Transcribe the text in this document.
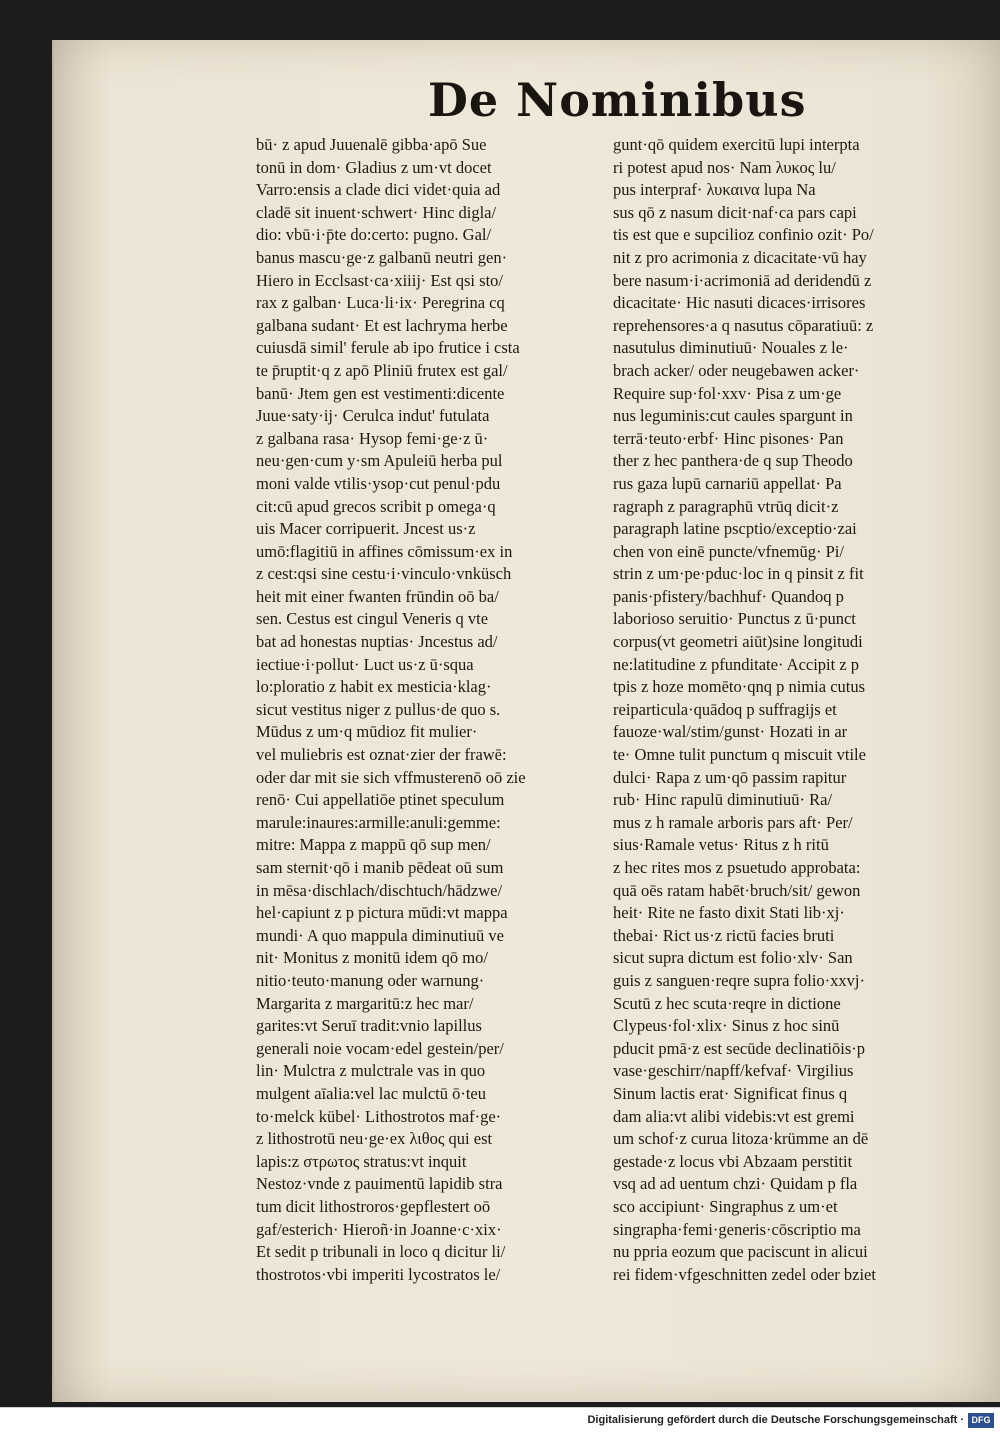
De Nominibus
bū· z apud Juuenalē gibba·apō Sue
tonū in dom· Gladius z um·vt docet
Varro:ensis a clade dici videt·quia ad
cladē sit inuent·schwert· Hinc digla/
dio: vbū·i·p̄te do:certo: pugno. Gal/
banus mascu·ge·z galbanū neutri gen·
Hiero in Ecclsast·ca·xiiij· Est qsi sto/
rax z galban· Luca·li·ix· Peregrina cq
galbana sudant· Et est lachryma herbe
cuiusdā simil' ferule ab ipo frutice i csta
te p̄ruptit·q z apō Pliniū frutex est gal/
banū· Jtem gen est vestimenti:dicente
Juue·saty·ij· Cerulca indut' futulata
z galbana rasa· Hysop femi·ge·z ū·
neu·gen·cum y·sm Apuleiū herba pul
moni valde vtilis·ysop·cut penul·pdu
cit:cū apud grecos scribit p omega·q
uis Macer corripuerit. Jncest us·z
umō:flagitiū in affines cōmissum·ex in
z cest:qsi sine cestu·i·vinculo·vnküsch
heit mit einer fwanten frūndin oō ba/
sen. Cestus est cingul Veneris q vte
bat ad honestas nuptias· Jncestus ad/
iectiue·i·pollut· Luct us·z ū·squa
lo:ploratio z habit ex mesticia·klag·
sicut vestitus niger z pullus·de quo s.
Mūdus z um·q mūdioz fit mulier·
vel muliebris est oznat·zier der frawē:
oder dar mit sie sich vffmusterenō oō zie
renō· Cui appellatiōe ptinet speculum
marule:inaures:armille:anuli:gemme:
mitre: Mappa z mappū qō sup men/
sam sternit·qō i manib pēdeat oū sum
in mēsa·dischlach/dischtuch/hādzwe/
hel·capiunt z p pictura mūdi:vt mappa
mundi· A quo mappula diminutiuū ve
nit· Monitus z monitū idem qō mo/
nitio·teuto·manung oder warnung·
Margarita z margaritū:z hec mar/
garites:vt Seruī tradit:vnio lapillus
generali noie vocam·edel gestein/per/
lin· Mulctra z mulctrale vas in quo
mulgent aīalia:vel lac mulctū ō·teu
to·melck kübel· Lithostrotos maf·ge·
z lithostrotū neu·ge·ex λιθος qui est
lapis:z στρωτος stratus:vt inquit
Nestoz·vnde z pauimentū lapidib stra
tum dicit lithostroros·gepflestert oō
gaf/esterich· Hieroñ·in Joanne·c·xix·
Et sedit p tribunali in loco q dicitur li/
thostrotos·vbi imperiti lycostratos le/
gunt·qō quidem exercitū lupi interpta
ri potest apud nos· Nam λυκος lu/
pus interpraf· λυκαινα lupa Na
sus qō z nasum dicit·naf·ca pars capi
tis est que e supcilioz confinio ozit· Po/
nit z pro acrimonia z dicacitate·vū hay
bere nasum·i·acrimoniā ad deridendū z
dicacitate· Hic nasuti dicaces·irrisores
reprehensores·a q nasutus cōparatiuū: z
nasutulus diminutiuū· Nouales z le·
brach acker/ oder neugebawen acker·
Require sup·fol·xxv· Pisa z um·ge
nus leguminis:cut caules spargunt in
terrā·teuto·erbf· Hinc pisones· Pan
ther z hec panthera·de q sup Theodo
rus gaza lupū carnariū appellat· Pa
ragraph z paragraphū vtrūq dicit·z
paragraph latine pscptio/exceptio·zai
chen von einē puncte/vfnemūg· Pi/
strin z um·pe·pduc·loc in q pinsit z fit
panis·pfistery/bachhuf· Quandoq p
laborioso seruitio· Punctus z ū·punct
corpus(vt geometri aiūt)sine longitudi
ne:latitudine z pfunditate· Accipit z p
tpis z hoze momēto·qnq p nimia cutus
reiparticula·quādoq p suffragijs et
fauoze·wal/stim/gunst· Hozati in ar
te· Omne tulit punctum q miscuit vtile
dulci· Rapa z um·qō passim rapitur
rub· Hinc rapulū diminutiuū· Ra/
mus z h ramale arboris pars aft· Per/
sius·Ramale vetus· Ritus z h ritū
z hec rites mos z psuetudo approbata:
quā oēs ratam habēt·bruch/sit/ gewon
heit· Rite ne fasto dixit Stati lib·xj·
thebai· Rict us·z rictū facies bruti
sicut supra dictum est folio·xlv· San
guis z sanguen·reqre supra folio·xxvj·
Scutū z hec scuta·reqre in dictione
Clypeus·fol·xlix· Sinus z hoc sinū
pducit pmā·z est secūde declinatiōis·p
vase·geschirr/napff/kefvaf· Virgilius
Sinum lactis erat· Significat finus q
dam alia:vt alibi videbis:vt est gremi
um schof·z curua litoza·krümme an dē
gestade·z locus vbi Abzaam perstitit
vsq ad ad uentum chzi· Quidam p fla
sco accipiunt· Singraphus z um·et
singrapha·femi·generis·cōscriptio ma
nu ppria eozum que paciscunt in alicui
rei fidem·vfgeschnitten zedel oder bziet
Digitalisierung gefördert durch die Deutsche Forschungsgemeinschaft · DFG
